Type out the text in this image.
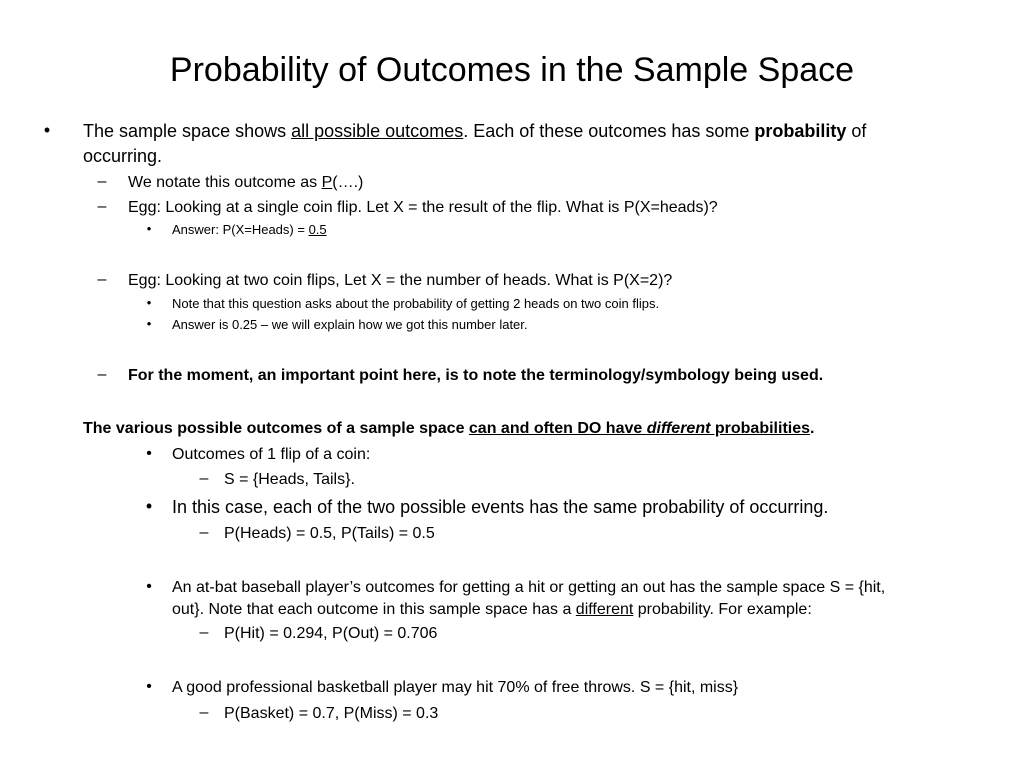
Probability of Outcomes in the Sample Space
•	The sample space shows all possible outcomes. Each of these outcomes has some probability of
occurring.
– We notate this outcome as P(….)
– Egg: Looking at a single coin flip. Let X = the result of the flip. What is P(X=heads)?
•	Answer: P(X=Heads) = 0.5
– Egg: Looking at two coin flips, Let X = the number of heads. What is P(X=2)?
•	Note that this question asks about the probability of getting 2 heads on two coin flips.
•	Answer is 0.25 – we will explain how we got this number later.
– For the moment, an important point here, is to note the terminology/symbology being used.
The various possible outcomes of a sample space can and often DO have different probabilities.
•	Outcomes of 1 flip of a coin:
– S = {Heads, Tails}.
•	In this case, each of the two possible events has the same probability of occurring.
– P(Heads) = 0.5, P(Tails) = 0.5
•	An at-bat baseball player’s outcomes for getting a hit or getting an out has the sample space S = {hit,
out}. Note that each outcome in this sample space has a different probability. For example:
– P(Hit) = 0.294, P(Out) = 0.706
•	A good professional basketball player may hit 70% of free throws. S = {hit, miss}
– P(Basket) = 0.7, P(Miss) = 0.3
